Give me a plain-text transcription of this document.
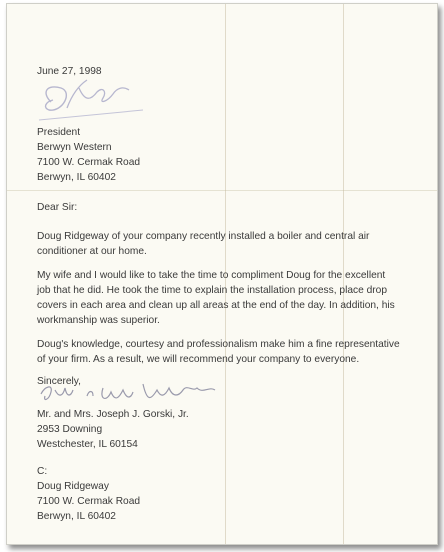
June 27, 1998
President
Berwyn Western
7100 W. Cermak Road
Berwyn, IL 60402
Dear Sir:
Doug Ridgeway of your company recently installed a boiler and central air
conditioner at our home.
My wife and I would like to take the time to compliment Doug for the excellent
job that he did. He took the time to explain the installation process, place drop
covers in each area and clean up all areas at the end of the day. In addition, his
workmanship was superior.
Doug's knowledge, courtesy and professionalism make him a fine representative
of your firm. As a result, we will recommend your company to everyone.
Sincerely,
Mr. and Mrs. Joseph J. Gorski, Jr.
2953 Downing
Westchester, IL 60154
C:
Doug Ridgeway
7100 W. Cermak Road
Berwyn, IL 60402
